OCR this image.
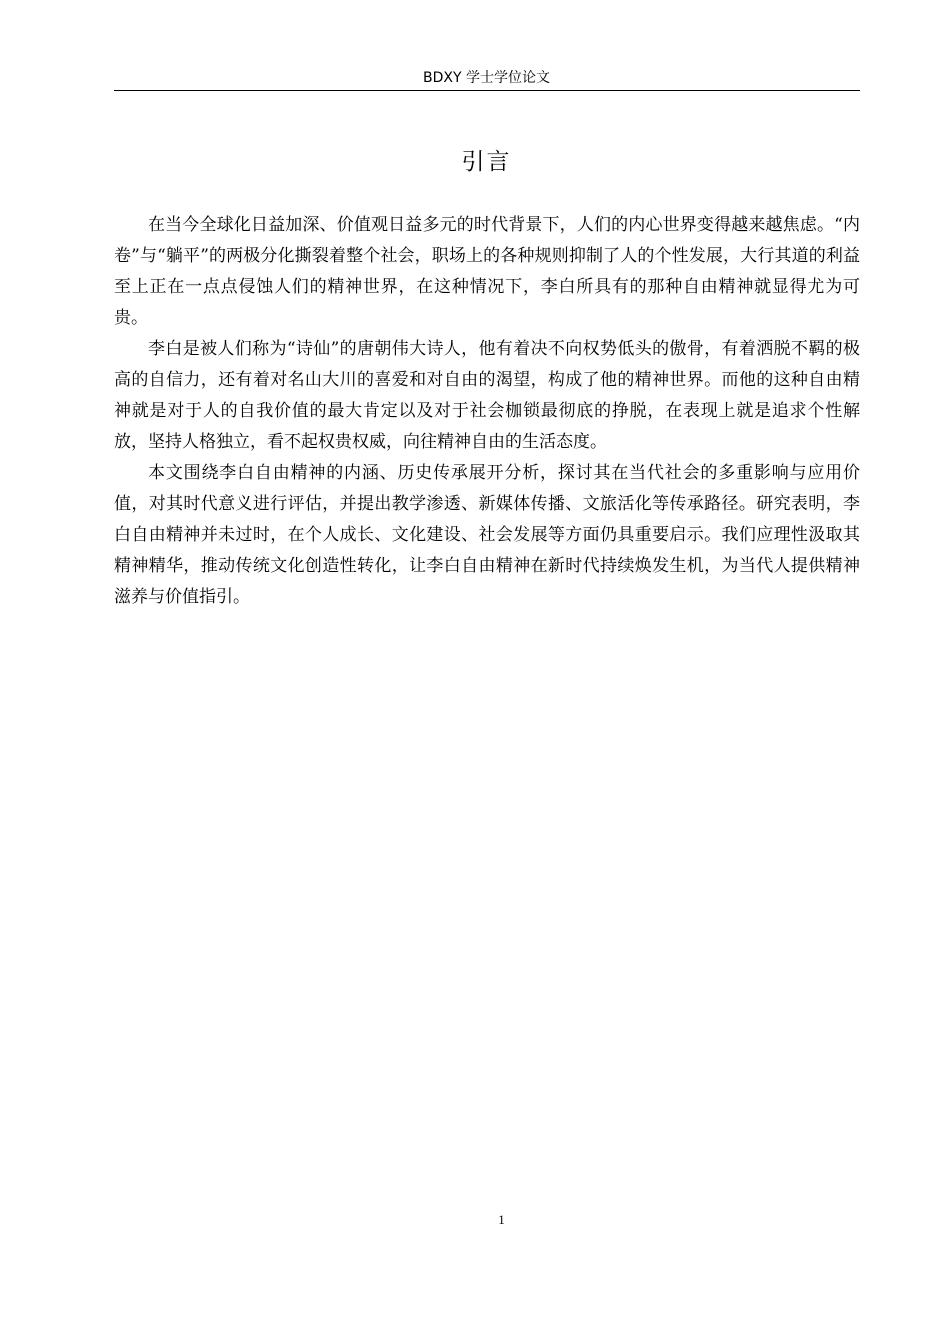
BDXY 学士学位论文
引言

在当今全球化日益加深、价值观日益多元的时代背景下，人们的内心世界变得越来越焦虑。“内卷”与“躺平”的两极分化撕裂着整个社会，职场上的各种规则抑制了人的个性发展，大行其道的利益至上正在一点点侵蚀人们的精神世界，在这种情况下，李白所具有的那种自由精神就显得尤为可贵。

李白是被人们称为“诗仙”的唐朝伟大诗人，他有着决不向权势低头的傲骨，有着洒脱不羁的极高的自信力，还有着对名山大川的喜爱和对自由的渴望，构成了他的精神世界。而他的这种自由精神就是对于人的自我价值的最大肯定以及对于社会枷锁最彻底的挣脱，在表现上就是追求个性解放，坚持人格独立，看不起权贵权威，向往精神自由的生活态度。

本文围绕李白自由精神的内涵、历史传承展开分析，探讨其在当代社会的多重影响与应用价值，对其时代意义进行评估，并提出教学渗透、新媒体传播、文旅活化等传承路径。研究表明，李白自由精神并未过时，在个人成长、文化建设、社会发展等方面仍具重要启示。我们应理性汲取其精神精华，推动传统文化创造性转化，让李白自由精神在新时代持续焕发生机，为当代人提供精神滋养与价值指引。

1
